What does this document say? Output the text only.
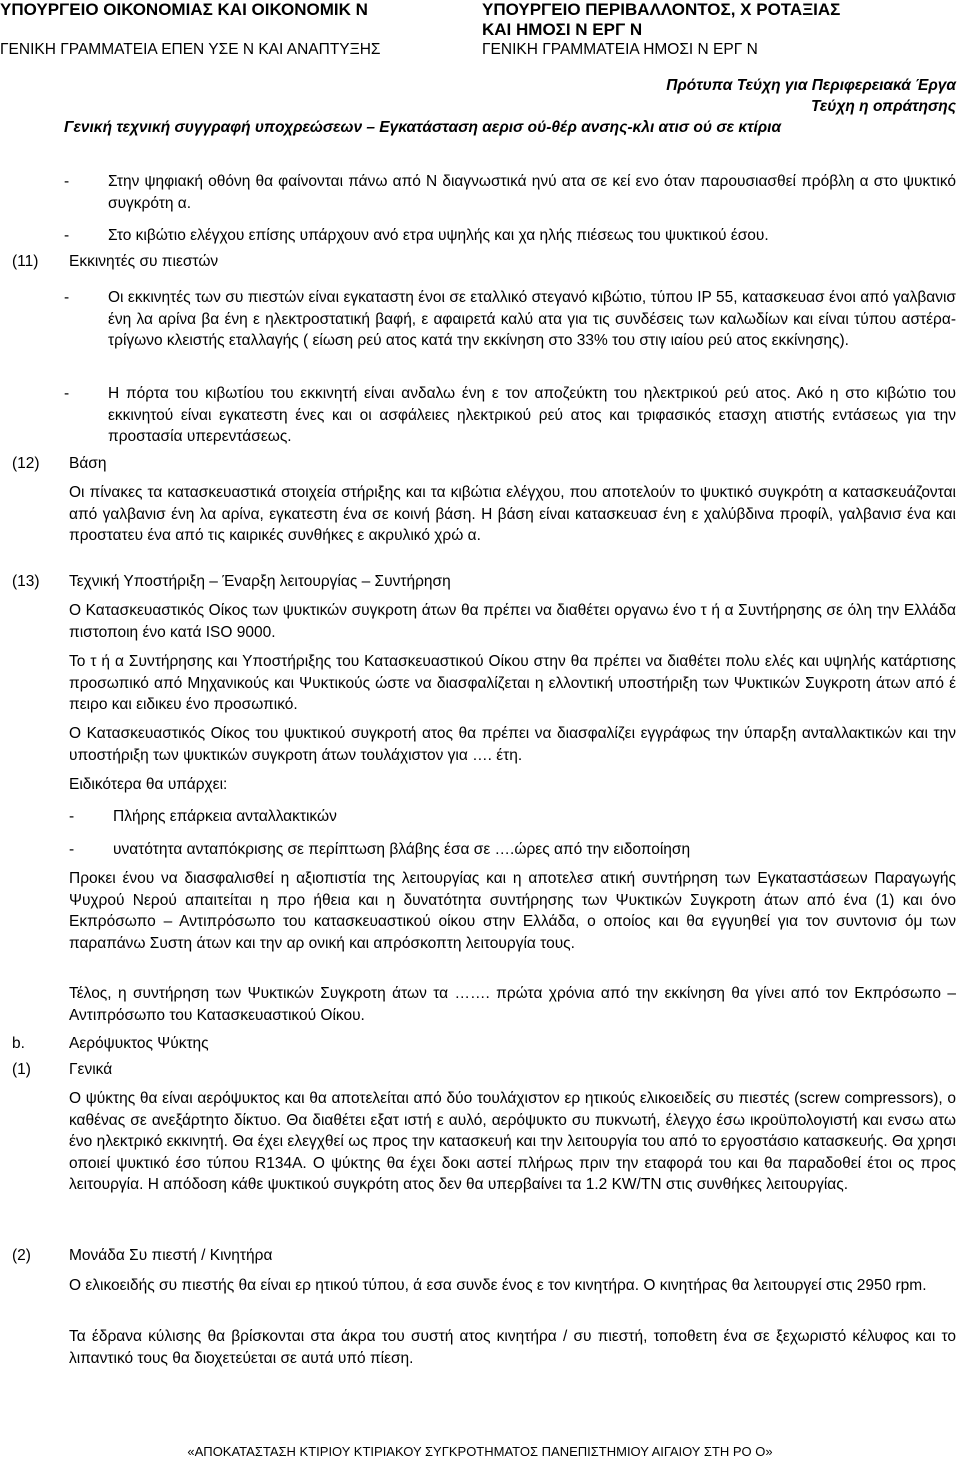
ΥΠΟΥΡΓΕΙΟ ΟΙΚΟΝΟΜΙΑΣ ΚΑΙ ΟΙΚΟΝΟΜΙΚ Ν
ΓΕΝΙΚΗ ΓΡΑΜΜΑΤΕΙΑ ΕΠΕΝ ΥΣΕ Ν ΚΑΙ ΑΝΑΠΤΥΞΗΣ
ΥΠΟΥΡΓΕΙΟ ΠΕΡΙΒΑΛΛΟΝΤΟΣ, Χ ΡΟΤΑΞΙΑΣ
ΚΑΙ ΗΜΟΣΙ Ν ΕΡΓ Ν
ΓΕΝΙΚΗ ΓΡΑΜΜΑΤΕΙΑ ΗΜΟΣΙ Ν ΕΡΓ Ν
Πρότυπα Τεύχη για Περιφερειακά Έργα
Τεύχη η οπράτησης
Γενική τεχνική συγγραφή υποχρεώσεων – Εγκατάσταση αερισ ού-θέρ ανσης-κλι ατισ ού σε κτίρια
-	Στην ψηφιακή οθόνη θα φαίνονται πάνω από Ν διαγνωστικά ηνύ ατα σε κεί ενο όταν παρουσιασθεί πρόβλη α στο ψυκτικό συγκρότη α.
-	Στο κιβώτιο ελέγχου επίσης υπάρχουν ανό ετρα υψηλής και χα ηλής πιέσεως του ψυκτικού έσου.
(11) Εκκινητές συ πιεστών
-	Οι εκκινητές των συ πιεστών είναι εγκαταστη ένοι σε εταλλικό στεγανό κιβώτιο, τύπου IP 55, κατασκευασ ένοι από γαλβανισ ένη λα αρίνα βα ένη ε ηλεκτροστατική βαφή, ε αφαιρετά καλύ ατα για τις συνδέσεις των καλωδίων και είναι τύπου αστέρα-τρίγωνο κλειστής εταλλαγής ( είωση ρεύ ατος κατά την εκκίνηση στο 33% του στιγ ιαίου ρεύ ατος εκκίνησης).
-	Η πόρτα του κιβωτίου του εκκινητή είναι ανδαλω ένη ε τον αποζεύκτη του ηλεκτρικού ρεύ ατος. Ακό η στο κιβώτιο του εκκινητού είναι εγκατεστη ένες και οι ασφάλειες ηλεκτρικού ρεύ ατος και τριφασικός ετασχη ατιστής εντάσεως για την προστασία υπερεντάσεως.
(12) Βάση
Οι πίνακες τα κατασκευαστικά στοιχεία στήριξης και τα κιβώτια ελέγχου, που αποτελούν το ψυκτικό συγκρότη α κατασκευάζονται από γαλβανισ ένη λα αρίνα, εγκατεστη ένα σε κοινή βάση. Η βάση είναι κατασκευασ ένη ε χαλύβδινα προφίλ, γαλβανισ ένα και προστατευ ένα από τις καιρικές συνθήκες ε ακρυλικό χρώ α.
(13) Τεχνική Υποστήριξη – Έναρξη λειτουργίας – Συντήρηση
Ο Κατασκευαστικός Οίκος των ψυκτικών συγκροτη άτων θα πρέπει να διαθέτει οργανω ένο τ ή α Συντήρησης σε όλη την Ελλάδα πιστοποιη ένο κατά ISO 9000.
Το τ ή α Συντήρησης και Υποστήριξης του Κατασκευαστικού Οίκου στην θα πρέπει να διαθέτει πολυ ελές και υψηλής κατάρτισης προσωπικό από Μηχανικούς και Ψυκτικούς ώστε να διασφαλίζεται η ελλοντική υποστήριξη των Ψυκτικών Συγκροτη άτων από έ πειρο και ειδικευ ένο προσωπικό.
Ο Κατασκευαστικός Οίκος του ψυκτικού συγκροτή ατος θα πρέπει να διασφαλίζει εγγράφως την ύπαρξη ανταλλακτικών και την υποστήριξη των ψυκτικών συγκροτη άτων τουλάχιστον για …. έτη.
Ειδικότερα θα υπάρχει:
-	Πλήρης επάρκεια ανταλλακτικών
-	υνατότητα ανταπόκρισης σε περίπτωση βλάβης έσα σε ….ώρες από την ειδοποίηση
Προκει ένου να διασφαλισθεί η αξιοπιστία της λειτουργίας και η αποτελεσ ατική συντήρηση των Εγκαταστάσεων Παραγωγής Ψυχρού Νερού απαιτείται η προ ήθεια και η δυνατότητα συντήρησης των Ψυκτικών Συγκροτη άτων από ένα (1) και όνο Εκπρόσωπο – Αντιπρόσωπο του κατασκευαστικού οίκου στην Ελλάδα, ο οποίος και θα εγγυηθεί για τον συντονισ όμ των παραπάνω Συστη άτων και την αρ ονική και απρόσκοπτη λειτουργία τους.
Τέλος, η συντήρηση των Ψυκτικών Συγκροτη άτων τα ……. πρώτα χρόνια από την εκκίνηση θα γίνει από τον Εκπρόσωπο – Αντιπρόσωπο του Κατασκευαστικού Οίκου.
b.	Αερόψυκτος Ψύκτης
(1) Γενικά
Ο ψύκτης θα είναι αερόψυκτος και θα αποτελείται από δύο τουλάχιστον ερ ητικούς ελικοειδείς συ πιεστές (screw compressors), ο καθένας σε ανεξάρτητο δίκτυο. Θα διαθέτει εξατ ιστή ε αυλό, αερόψυκτο συ πυκνωτή, έλεγχο έσω ικροϋπολογιστή και ενσω ατω ένο ηλεκτρικό εκκινητή. Θα έχει ελεγχθεί ως προς την κατασκευή και την λειτουργία του από το εργοστάσιο κατασκευής. Θα χρησι οποιεί ψυκτικό έσο τύπου R134A. Ο ψύκτης θα έχει δοκι αστεί πλήρως πριν την εταφορά του και θα παραδοθεί έτοι ος προς λειτουργία. Η απόδοση κάθε ψυκτικού συγκρότη ατος δεν θα υπερβαίνει τα 1.2 KW/TN στις συνθήκες λειτουργίας.
(2) Μονάδα Συ πιεστή / Κινητήρα
Ο ελικοειδής συ πιεστής θα είναι ερ ητικού τύπου, ά εσα συνδε ένος ε τον κινητήρα. Ο κινητήρας θα λειτουργεί στις 2950 rpm.
Τα έδρανα κύλισης θα βρίσκονται στα άκρα του συστή ατος κινητήρα / συ πιεστή, τοποθετη ένα σε ξεχωριστό κέλυφος και το λιπαντικό τους θα διοχετεύεται σε αυτά υπό πίεση.
«ΑΠΟΚΑΤΑΣΤΑΣΗ ΚΤΙΡΙΟΥ ΚΤΙΡΙΑΚΟΥ ΣΥΓΚΡΟΤΗΜΑΤΟΣ ΠΑΝΕΠΙΣΤΗΜΙΟΥ ΑΙΓΑΙΟΥ ΣΤΗ ΡΟ Ο»
